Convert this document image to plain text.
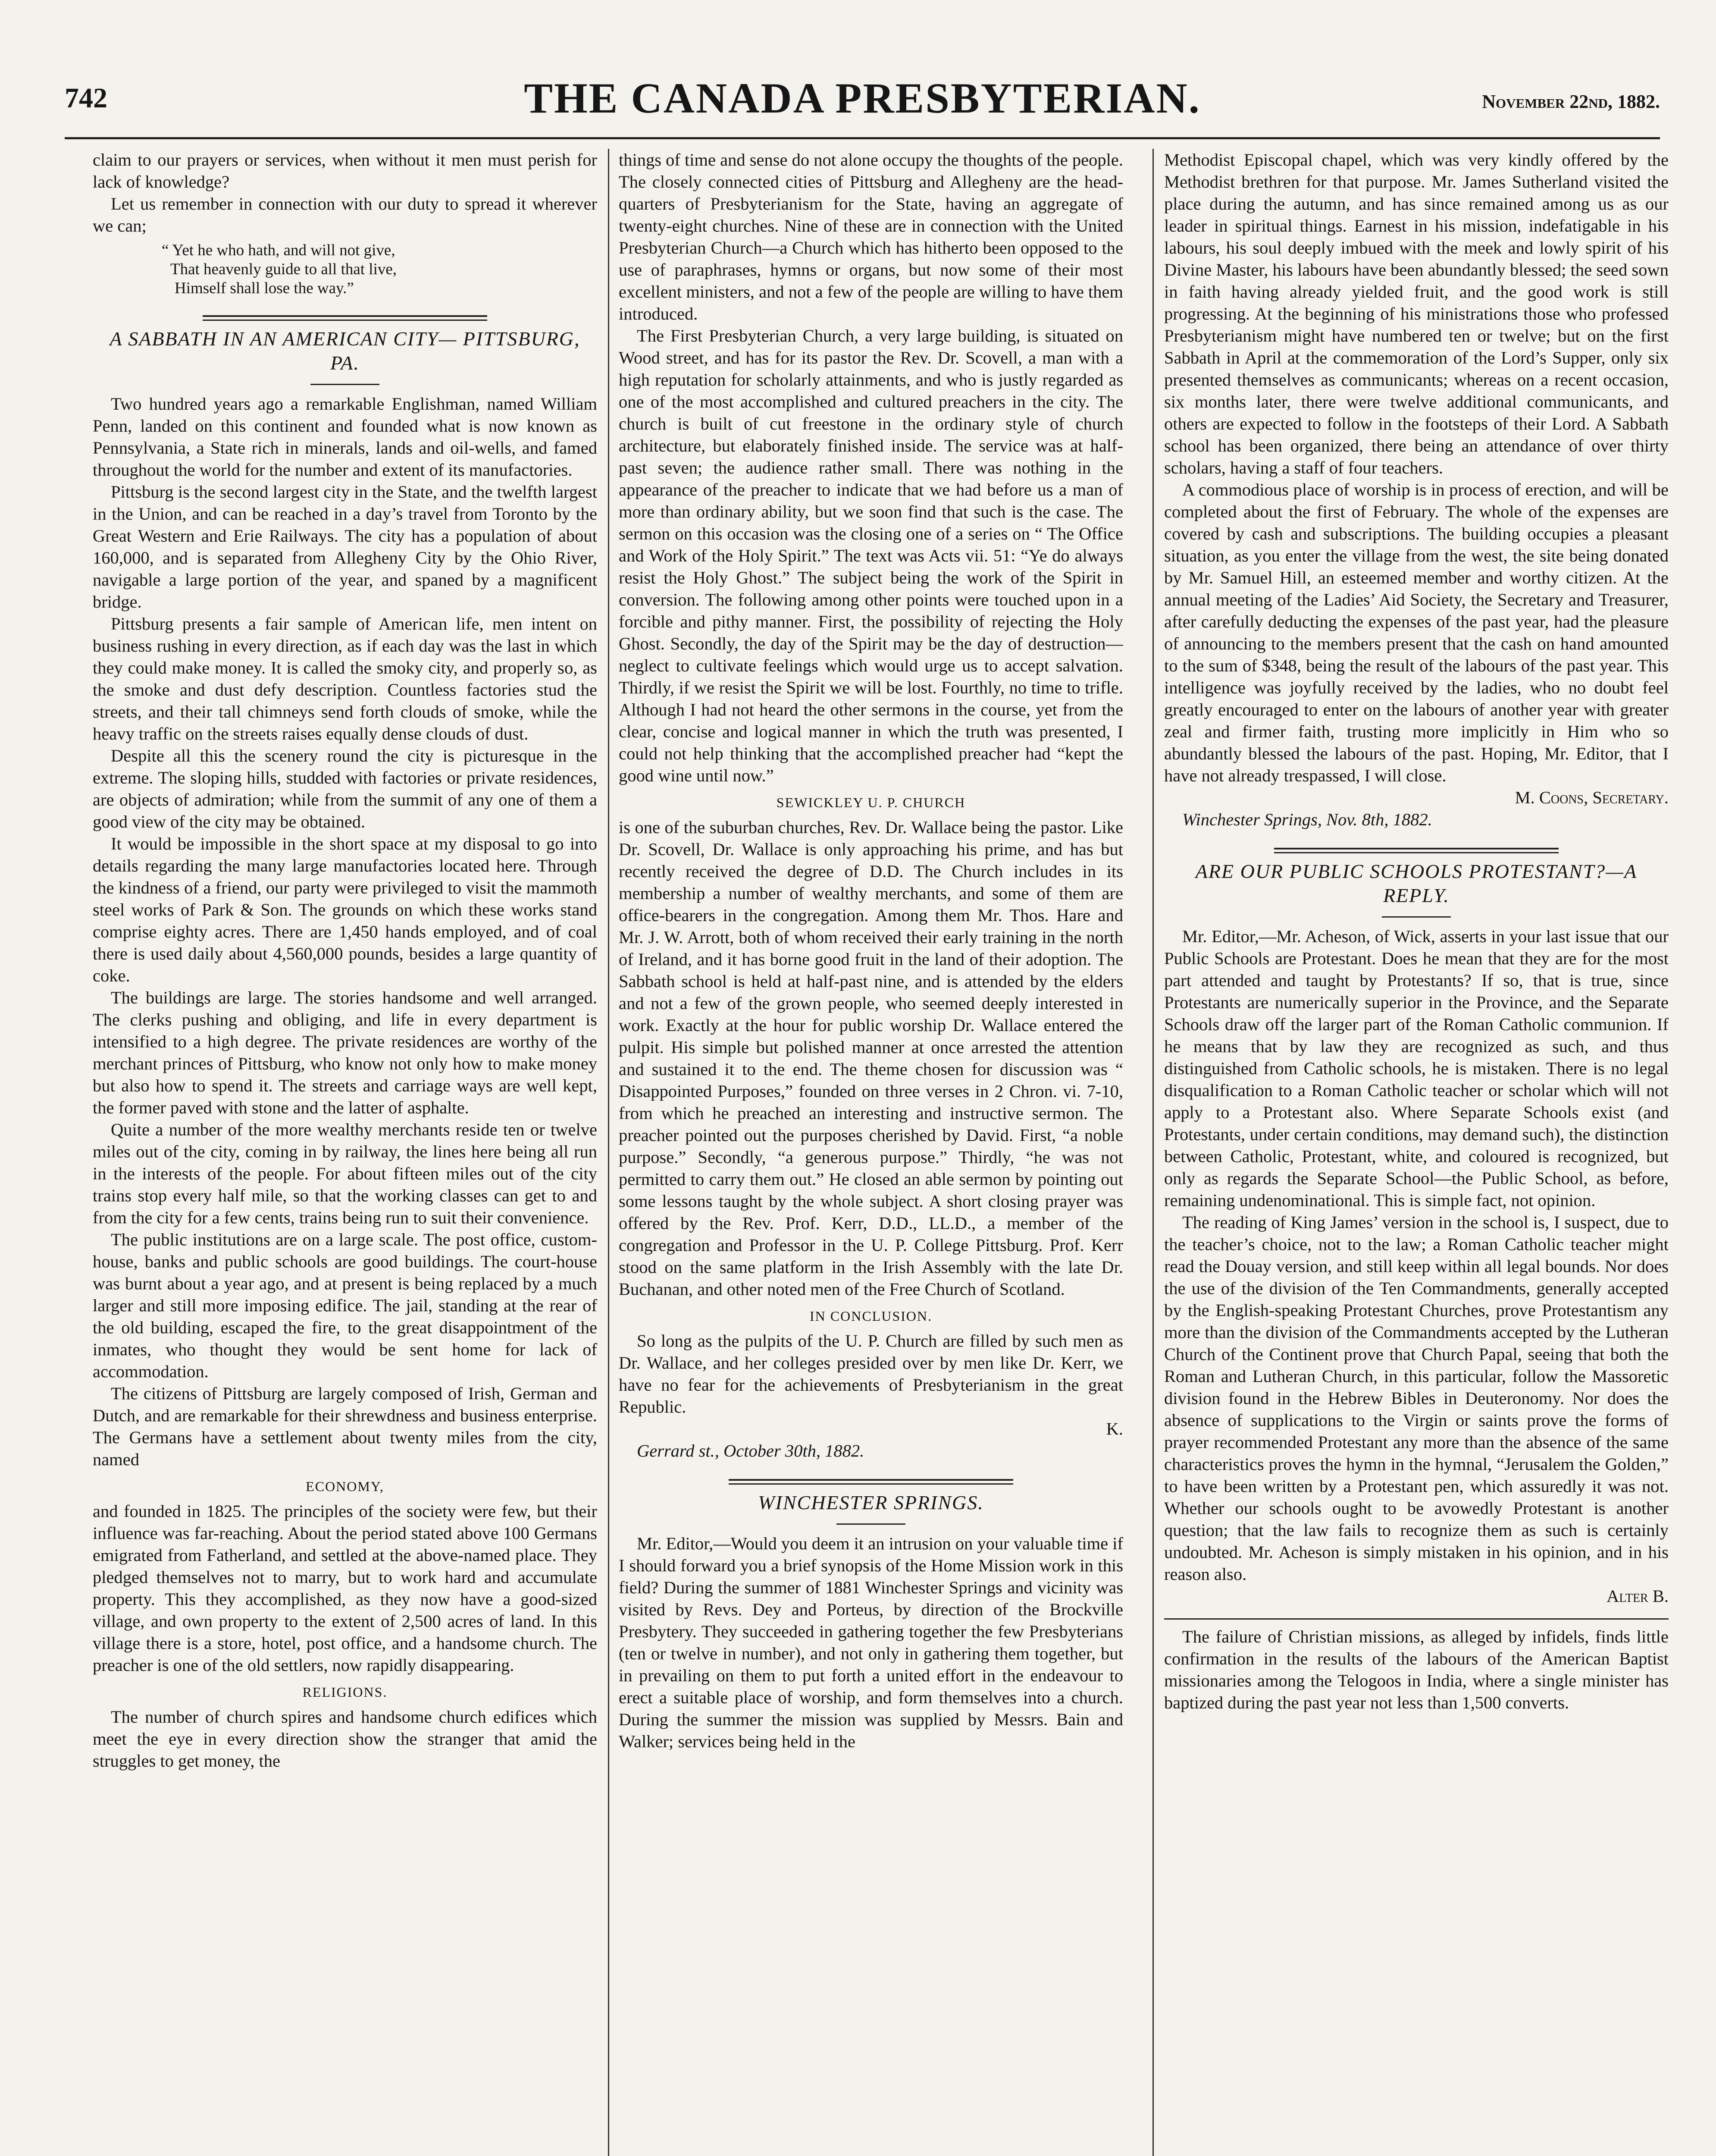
742	THE CANADA PRESBYTERIAN.	November 22nd, 1882.

claim to our prayers or services, when without it men must perish for lack of knowledge?

Let us remember in connection with our duty to spread it wherever we can;

“ Yet he who hath, and will not give,
That heavenly guide to all that live,
Himself shall lose the way.”
A SABBATH IN AN AMERICAN CITY— PITTSBURG, PA.

Two hundred years ago a remarkable Englishman, named William Penn, landed on this continent and founded what is now known as Pennsylvania, a State rich in minerals, lands and oil-wells, and famed throughout the world for the number and extent of its manufactories.

Pittsburg is the second largest city in the State, and the twelfth largest in the Union, and can be reached in a day’s travel from Toronto by the Great Western and Erie Railways. The city has a population of about 160,000, and is separated from Allegheny City by the Ohio River, navigable a large portion of the year, and spaned by a magnificent bridge.

Pittsburg presents a fair sample of American life, men intent on business rushing in every direction, as if each day was the last in which they could make money. It is called the smoky city, and properly so, as the smoke and dust defy description. Countless factories stud the streets, and their tall chimneys send forth clouds of smoke, while the heavy traffic on the streets raises equally dense clouds of dust.

Despite all this the scenery round the city is picturesque in the extreme. The sloping hills, studded with factories or private residences, are objects of admiration; while from the summit of any one of them a good view of the city may be obtained.

It would be impossible in the short space at my disposal to go into details regarding the many large manufactories located here. Through the kindness of a friend, our party were privileged to visit the mammoth steel works of Park & Son. The grounds on which these works stand comprise eighty acres. There are 1,450 hands employed, and of coal there is used daily about 4,560,000 pounds, besides a large quantity of coke.

The buildings are large. The stories handsome and well arranged. The clerks pushing and obliging, and life in every department is intensified to a high degree. The private residences are worthy of the merchant princes of Pittsburg, who know not only how to make money but also how to spend it. The streets and carriage ways are well kept, the former paved with stone and the latter of asphalte.

Quite a number of the more wealthy merchants reside ten or twelve miles out of the city, coming in by railway, the lines here being all run in the interests of the people. For about fifteen miles out of the city trains stop every half mile, so that the working classes can get to and from the city for a few cents, trains being run to suit their convenience.

The public institutions are on a large scale. The post office, custom-house, banks and public schools are good buildings. The court-house was burnt about a year ago, and at present is being replaced by a much larger and still more imposing edifice. The jail, standing at the rear of the old building, escaped the fire, to the great disappointment of the inmates, who thought they would be sent home for lack of accommodation.

The citizens of Pittsburg are largely composed of Irish, German and Dutch, and are remarkable for their shrewdness and business enterprise. The Germans have a settlement about twenty miles from the city, named

ECONOMY,

and founded in 1825. The principles of the society were few, but their influence was far-reaching. About the period stated above 100 Germans emigrated from Fatherland, and settled at the above-named place. They pledged themselves not to marry, but to work hard and accumulate property. This they accomplished, as they now have a good-sized village, and own property to the extent of 2,500 acres of land. In this village there is a store, hotel, post office, and a handsome church. The preacher is one of the old settlers, now rapidly disappearing.

RELIGIONS.

The number of church spires and handsome church edifices which meet the eye in every direction show the stranger that amid the struggles to get money, the

things of time and sense do not alone occupy the thoughts of the people. The closely connected cities of Pittsburg and Allegheny are the head-quarters of Presbyterianism for the State, having an aggregate of twenty-eight churches. Nine of these are in connection with the United Presbyterian Church—a Church which has hitherto been opposed to the use of paraphrases, hymns or organs, but now some of their most excellent ministers, and not a few of the people are willing to have them introduced.

The First Presbyterian Church, a very large building, is situated on Wood street, and has for its pastor the Rev. Dr. Scovell, a man with a high reputation for scholarly attainments, and who is justly regarded as one of the most accomplished and cultured preachers in the city. The church is built of cut freestone in the ordinary style of church architecture, but elaborately finished inside. The service was at half-past seven; the audience rather small. There was nothing in the appearance of the preacher to indicate that we had before us a man of more than ordinary ability, but we soon find that such is the case. The sermon on this occasion was the closing one of a series on “ The Office and Work of the Holy Spirit.” The text was Acts vii. 51: “Ye do always resist the Holy Ghost.” The subject being the work of the Spirit in conversion. The following among other points were touched upon in a forcible and pithy manner. First, the possibility of rejecting the Holy Ghost. Secondly, the day of the Spirit may be the day of destruction—neglect to cultivate feelings which would urge us to accept salvation. Thirdly, if we resist the Spirit we will be lost. Fourthly, no time to trifle. Although I had not heard the other sermons in the course, yet from the clear, concise and logical manner in which the truth was presented, I could not help thinking that the accomplished preacher had “kept the good wine until now.”

SEWICKLEY U. P. CHURCH

is one of the suburban churches, Rev. Dr. Wallace being the pastor. Like Dr. Scovell, Dr. Wallace is only approaching his prime, and has but recently received the degree of D.D. The Church includes in its membership a number of wealthy merchants, and some of them are office-bearers in the congregation. Among them Mr. Thos. Hare and Mr. J. W. Arrott, both of whom received their early training in the north of Ireland, and it has borne good fruit in the land of their adoption. The Sabbath school is held at half-past nine, and is attended by the elders and not a few of the grown people, who seemed deeply interested in work. Exactly at the hour for public worship Dr. Wallace entered the pulpit. His simple but polished manner at once arrested the attention and sustained it to the end. The theme chosen for discussion was “ Disappointed Purposes,” founded on three verses in 2 Chron. vi. 7-10, from which he preached an interesting and instructive sermon. The preacher pointed out the purposes cherished by David. First, “a noble purpose.” Secondly, “a generous purpose.” Thirdly, “he was not permitted to carry them out.” He closed an able sermon by pointing out some lessons taught by the whole subject. A short closing prayer was offered by the Rev. Prof. Kerr, D.D., LL.D., a member of the congregation and Professor in the U. P. College Pittsburg. Prof. Kerr stood on the same platform in the Irish Assembly with the late Dr. Buchanan, and other noted men of the Free Church of Scotland.

IN CONCLUSION.

So long as the pulpits of the U. P. Church are filled by such men as Dr. Wallace, and her colleges presided over by men like Dr. Kerr, we have no fear for the achievements of Presbyterianism in the great Republic.

K.

Gerrard st., October 30th, 1882.

WINCHESTER SPRINGS.

Mr. Editor,—Would you deem it an intrusion on your valuable time if I should forward you a brief synopsis of the Home Mission work in this field? During the summer of 1881 Winchester Springs and vicinity was visited by Revs. Dey and Porteus, by direction of the Brockville Presbytery. They succeeded in gathering together the few Presbyterians (ten or twelve in number), and not only in gathering them together, but in prevailing on them to put forth a united effort in the endeavour to erect a suitable place of worship, and form themselves into a church. During the summer the mission was supplied by Messrs. Bain and Walker; services being held in the

Methodist Episcopal chapel, which was very kindly offered by the Methodist brethren for that purpose. Mr. James Sutherland visited the place during the autumn, and has since remained among us as our leader in spiritual things. Earnest in his mission, indefatigable in his labours, his soul deeply imbued with the meek and lowly spirit of his Divine Master, his labours have been abundantly blessed; the seed sown in faith having already yielded fruit, and the good work is still progressing. At the beginning of his ministrations those who professed Presbyterianism might have numbered ten or twelve; but on the first Sabbath in April at the commemoration of the Lord’s Supper, only six presented themselves as communicants; whereas on a recent occasion, six months later, there were twelve additional communicants, and others are expected to follow in the footsteps of their Lord. A Sabbath school has been organized, there being an attendance of over thirty scholars, having a staff of four teachers.

A commodious place of worship is in process of erection, and will be completed about the first of February. The whole of the expenses are covered by cash and subscriptions. The building occupies a pleasant situation, as you enter the village from the west, the site being donated by Mr. Samuel Hill, an esteemed member and worthy citizen. At the annual meeting of the Ladies’ Aid Society, the Secretary and Treasurer, after carefully deducting the expenses of the past year, had the pleasure of announcing to the members present that the cash on hand amounted to the sum of $348, being the result of the labours of the past year. This intelligence was joyfully received by the ladies, who no doubt feel greatly encouraged to enter on the labours of another year with greater zeal and firmer faith, trusting more implicitly in Him who so abundantly blessed the labours of the past. Hoping, Mr. Editor, that I have not already trespassed, I will close.

M. Coons, Secretary.

Winchester Springs, Nov. 8th, 1882.

ARE OUR PUBLIC SCHOOLS PROTESTANT?—A REPLY.

Mr. Editor,—Mr. Acheson, of Wick, asserts in your last issue that our Public Schools are Protestant. Does he mean that they are for the most part attended and taught by Protestants? If so, that is true, since Protestants are numerically superior in the Province, and the Separate Schools draw off the larger part of the Roman Catholic communion. If he means that by law they are recognized as such, and thus distinguished from Catholic schools, he is mistaken. There is no legal disqualification to a Roman Catholic teacher or scholar which will not apply to a Protestant also. Where Separate Schools exist (and Protestants, under certain conditions, may demand such), the distinction between Catholic, Protestant, white, and coloured is recognized, but only as regards the Separate School—the Public School, as before, remaining undenominational. This is simple fact, not opinion.

The reading of King James’ version in the school is, I suspect, due to the teacher’s choice, not to the law; a Roman Catholic teacher might read the Douay version, and still keep within all legal bounds. Nor does the use of the division of the Ten Commandments, generally accepted by the English-speaking Protestant Churches, prove Protestantism any more than the division of the Commandments accepted by the Lutheran Church of the Continent prove that Church Papal, seeing that both the Roman and Lutheran Church, in this particular, follow the Massoretic division found in the Hebrew Bibles in Deuteronomy. Nor does the absence of supplications to the Virgin or saints prove the forms of prayer recommended Protestant any more than the absence of the same characteristics proves the hymn in the hymnal, “Jerusalem the Golden,” to have been written by a Protestant pen, which assuredly it was not. Whether our schools ought to be avowedly Protestant is another question; that the law fails to recognize them as such is certainly undoubted. Mr. Acheson is simply mistaken in his opinion, and in his reason also.

Alter B.

The failure of Christian missions, as alleged by infidels, finds little confirmation in the results of the labours of the American Baptist missionaries among the Telogoos in India, where a single minister has baptized during the past year not less than 1,500 converts.
